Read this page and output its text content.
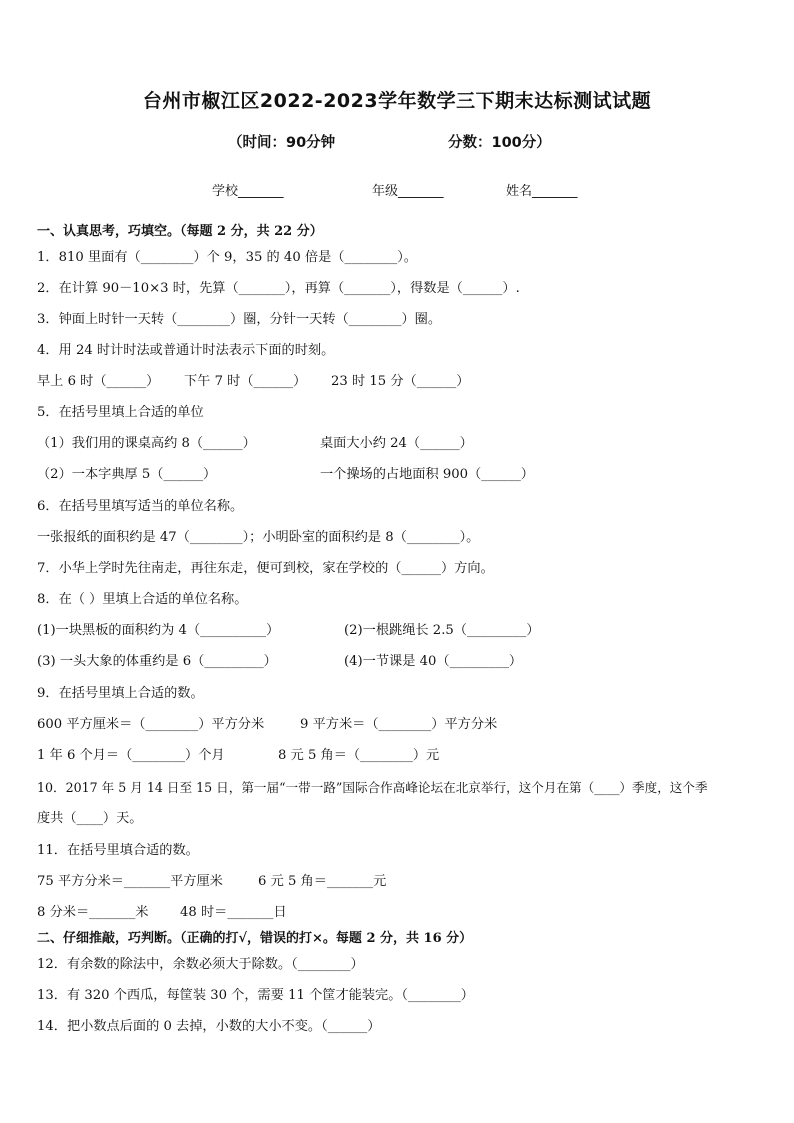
台州市椒江区2022-2023学年数学三下期末达标测试试题
（时间：90分钟	分数：100分）
学校_______	年级_______	姓名_______
一、认真思考，巧填空。（每题 2 分，共 22 分）
1．810 里面有（________）个 9，35 的 40 倍是（________）。
2．在计算 90－10×3 时，先算（_______），再算（_______），得数是（______）.
3．钟面上时针一天转（________）圈，分针一天转（________）圈。
4．用 24 时计时法或普通计时法表示下面的时刻。
早上 6 时（______） 下午 7 时（______） 23 时 15 分（______）
5．在括号里填上合适的单位
（1）我们用的课桌高约 8（______）	桌面大小约 24（______）
（2）一本字典厚 5（______）	一个操场的占地面积 900（______）
6．在括号里填写适当的单位名称。
一张报纸的面积约是 47（________）；小明卧室的面积约是 8（________）。
7．小华上学时先往南走，再往东走，便可到校，家在学校的（______）方向。
8．在（ ）里填上合适的单位名称。
(1)一块黑板的面积约为 4（__________）	(2)一根跳绳长 2.5（_________）
(3) 一头大象的体重约是 6（_________）	(4)一节课是 40（_________）
9．在括号里填上合适的数。
600 平方厘米＝（________）平方分米	9 平方米＝（________）平方分米
1 年 6 个月＝（________）个月	8 元 5 角＝（________）元
10．2017 年 5 月 14 日至 15 日，第一届“一带一路”国际合作高峰论坛在北京举行，这个月在第（____）季度，这个季
度共（____）天。
11．在括号里填合适的数。
75 平方分米＝_______平方厘米	6 元 5 角＝_______元
8 分米＝_______米 48 时＝_______日
二、仔细推敲，巧判断。（正确的打√，错误的打×。每题 2 分，共 16 分）
12．有余数的除法中，余数必须大于除数。（________）
13．有 320 个西瓜，每筐装 30 个，需要 11 个筐才能装完。（________）
14．把小数点后面的 0 去掉，小数的大小不变。（______）
